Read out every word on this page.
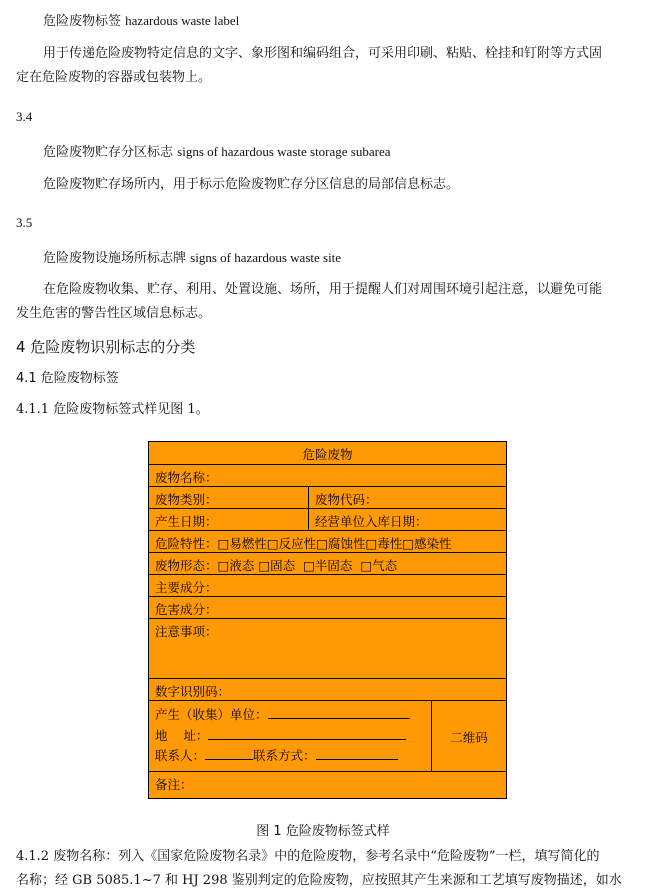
危险废物标签 hazardous waste label
用于传递危险废物特定信息的文字、象形图和编码组合，可采用印刷、粘贴、栓挂和钉附等方式固
定在危险废物的容器或包装物上。
3.4
危险废物贮存分区标志 signs of hazardous waste storage subarea
危险废物贮存场所内，用于标示危险废物贮存分区信息的局部信息标志。
3.5
危险废物设施场所标志牌 signs of hazardous waste site
在危险废物收集、贮存、利用、处置设施、场所，用于提醒人们对周围环境引起注意，以避免可能
发生危害的警告性区域信息标志。
4 危险废物识别标志的分类
4.1 危险废物标签
4.1.1 危险废物标签式样见图 1。
危险废物
废物名称：
废物类别：	废物代码：
产生日期：	经营单位入库日期：
危险特性：□易燃性□反应性□腐蚀性□毒性□感染性
废物形态：□液态 □固态 □半固态 □气态
主要成分：
危害成分：
注意事项：
数字识别码：
产生（收集）单位：
地    址：
联系人：	联系方式：
二维码
备注：
图 1 危险废物标签式样
4.1.2 废物名称：列入《国家危险废物名录》中的危险废物，参考名录中“危险废物”一栏，填写简化的
名称；经 GB 5085.1~7 和 HJ 298 鉴别判定的危险废物，应按照其产生来源和工艺填写废物描述，如水
